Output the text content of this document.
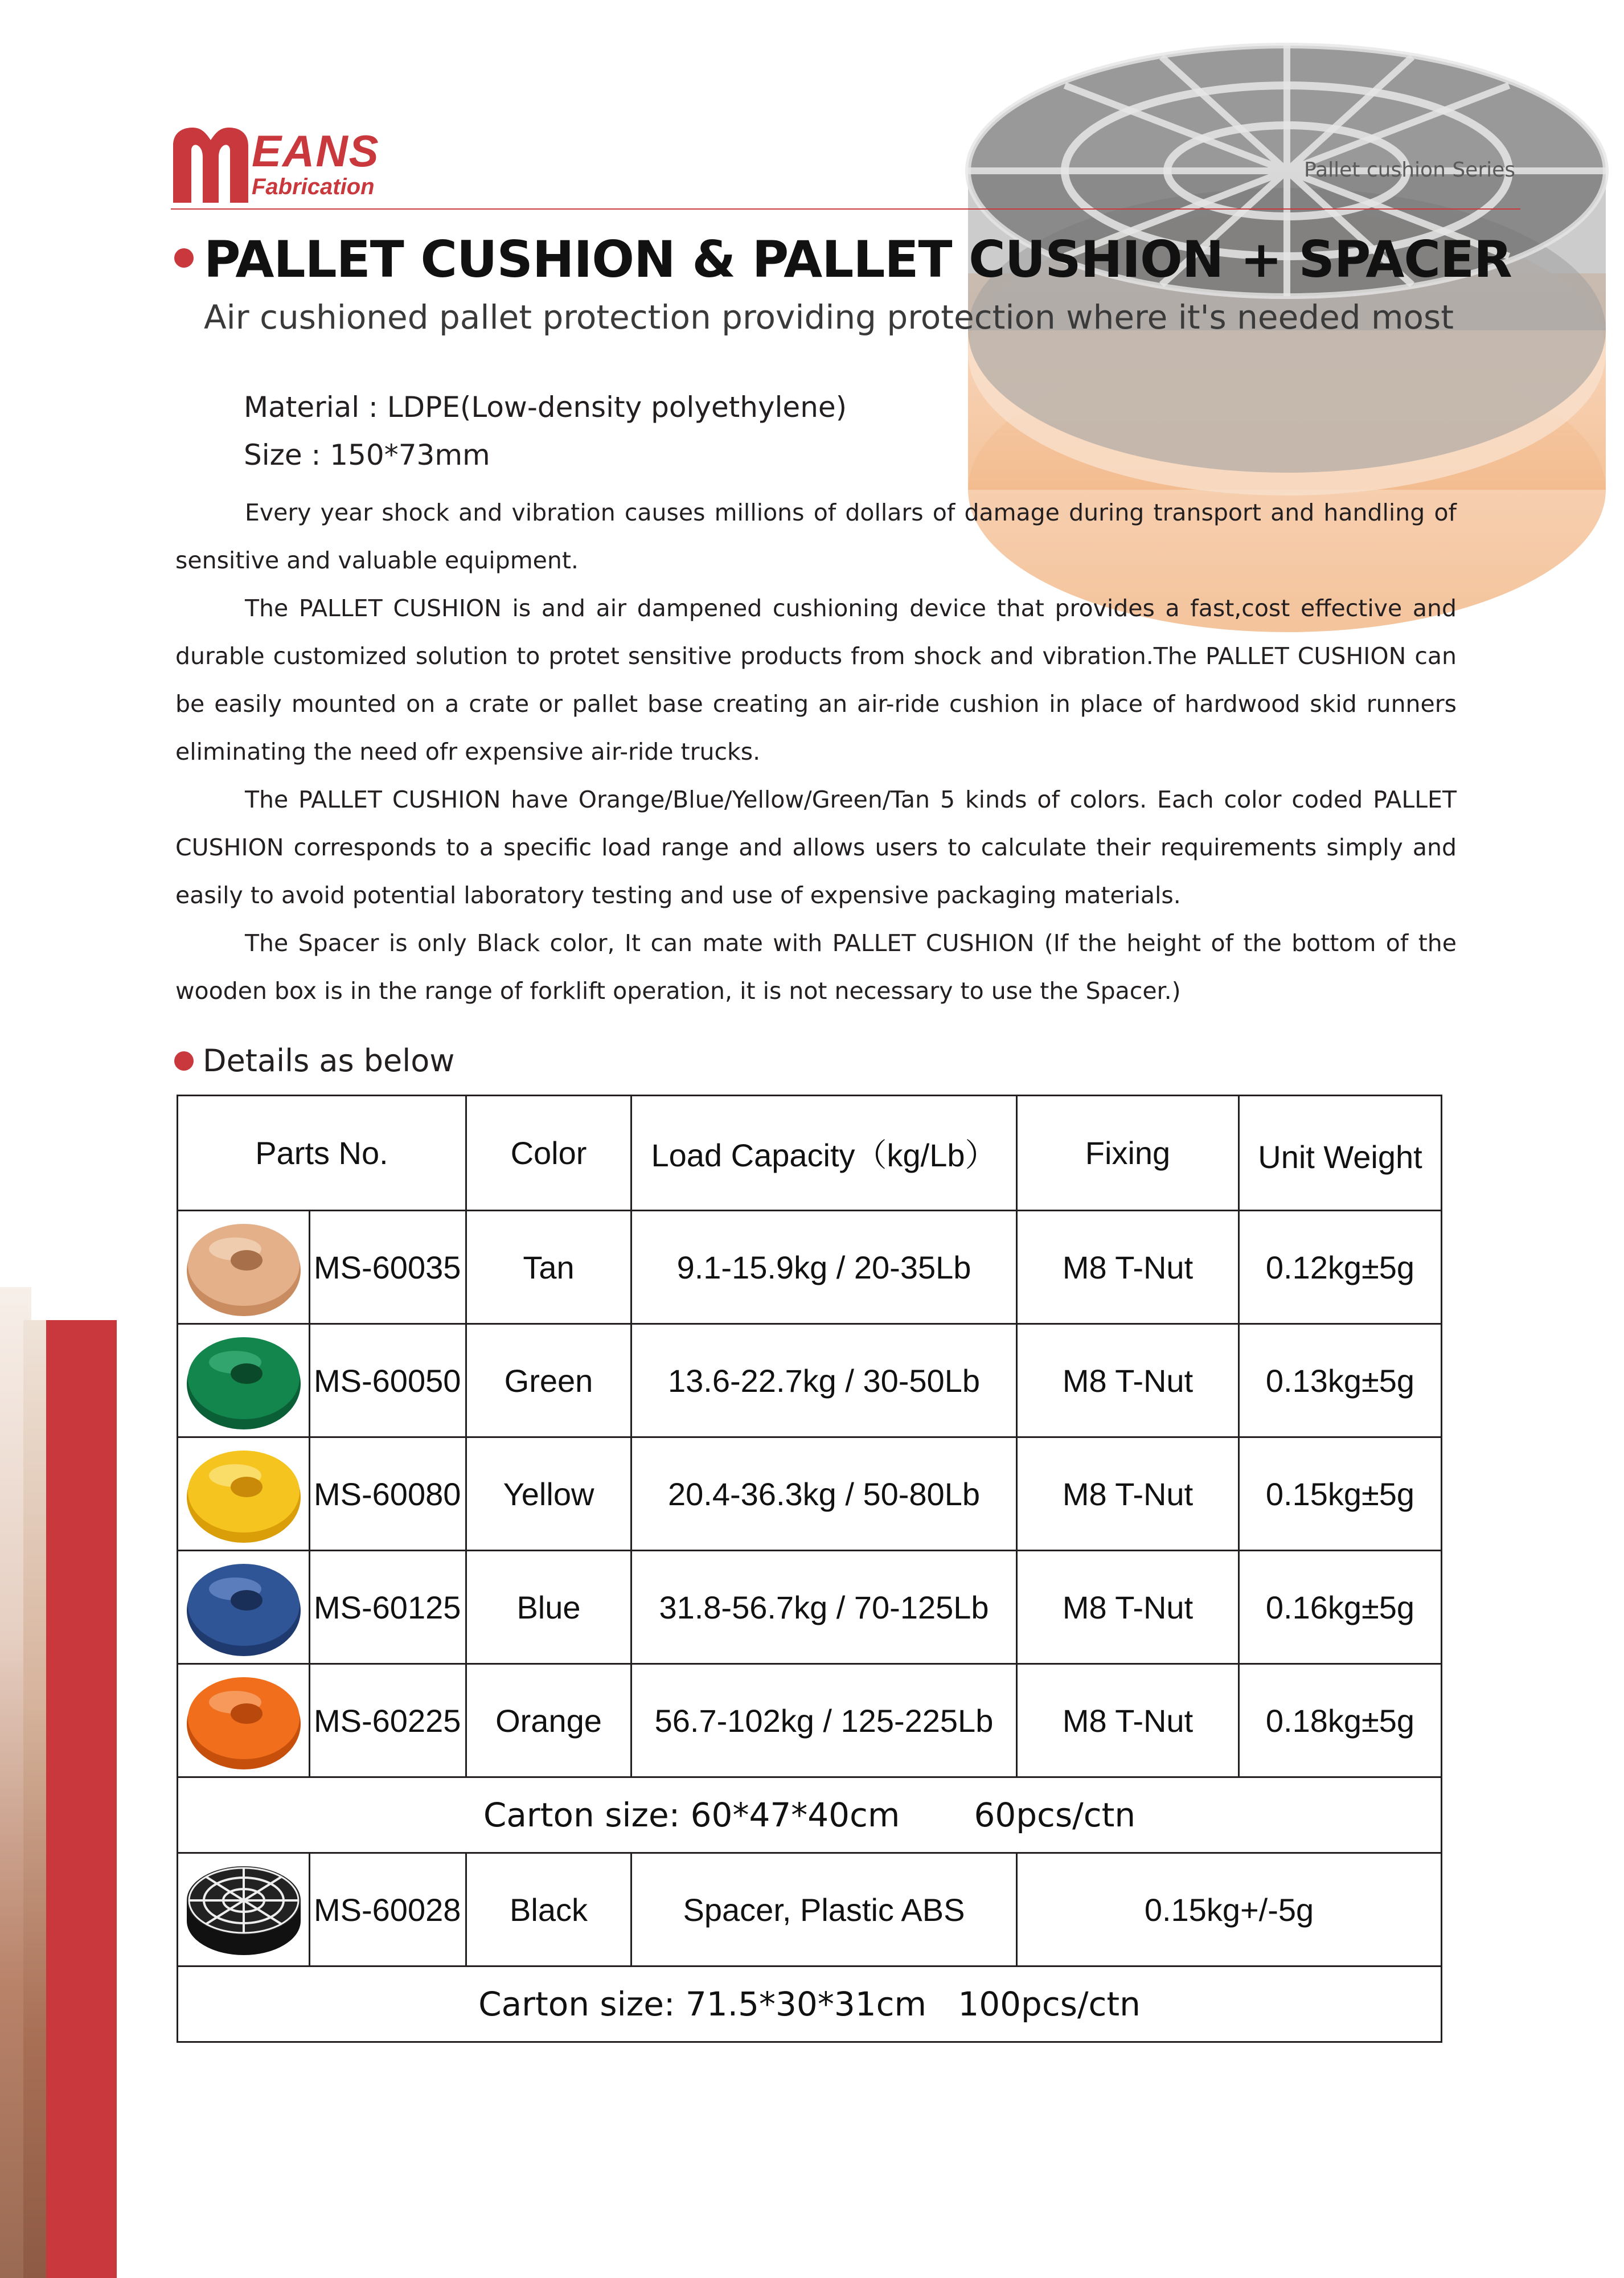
EANS
Fabrication
Pallet cushion Series
PALLET CUSHION & PALLET CUSHION + SPACER
Air cushioned pallet protection providing protection where it's needed most
Material : LDPE(Low-density polyethylene)
Size : 150*73mm

Every year shock and vibration causes millions of dollars of damage during transport and handling of sensitive and valuable equipment.

The PALLET CUSHION is and air dampened cushioning device that provides a fast,cost effective and durable customized solution to protet sensitive products from shock and vibration.The PALLET CUSHION can be easily mounted on a crate or pallet base creating an air-ride cushion in place of hardwood skid runners eliminating the need ofr expensive air-ride trucks.

The PALLET CUSHION have Orange/Blue/Yellow/Green/Tan 5 kinds of colors. Each color coded PALLET CUSHION corresponds to a specific load range and allows users to calculate their requirements simply and easily to avoid potential laboratory testing and use of expensive packaging materials.

The Spacer is only Black color, It can mate with PALLET CUSHION (If the height of the bottom of the wooden box is in the range of forklift operation, it is not necessary to use the Spacer.)

Details as below
Parts No.		Color	Load Capacity（kg/Lb）	Fixing	Unit Weight

	MS-60035	Tan	9.1-15.9kg / 20-35Lb	M8 T-Nut	0.12kg±5g

	MS-60050	Green	13.6-22.7kg / 30-50Lb	M8 T-Nut	0.13kg±5g

	MS-60080	Yellow	20.4-36.3kg / 50-80Lb	M8 T-Nut	0.15kg±5g

	MS-60125	Blue	31.8-56.7kg / 70-125Lb	M8 T-Nut	0.16kg±5g

	MS-60225	Orange	56.7-102kg / 125-225Lb	M8 T-Nut	0.18kg±5g
Carton size: 60*47*40cm 60pcs/ctn					

	MS-60028	Black	Spacer, Plastic ABS	0.15kg+/-5g	
Carton size: 71.5*30*31cm   100pcs/ctn					
